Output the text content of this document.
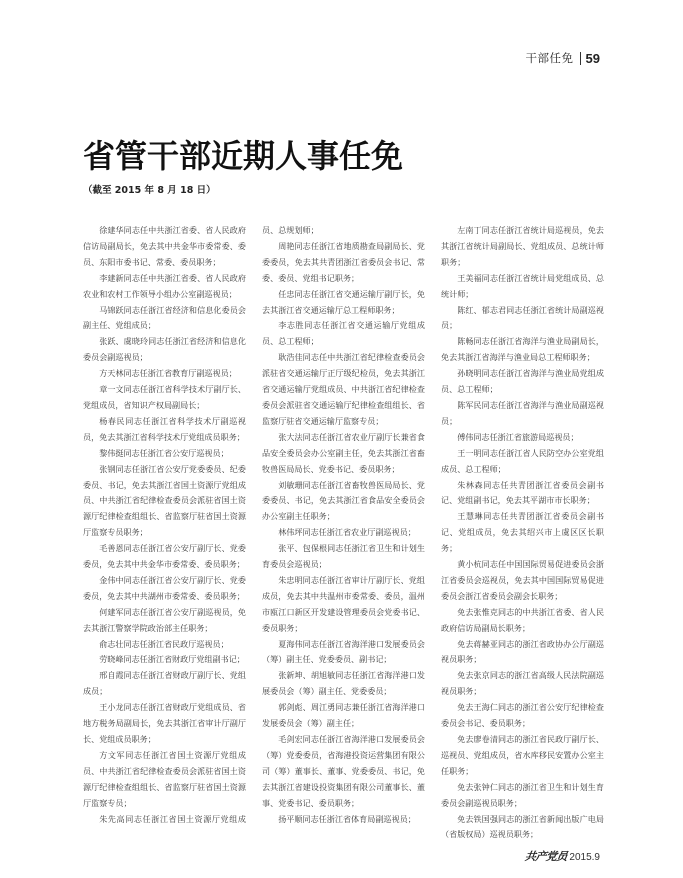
干部任免 59
省管干部近期人事任免
（截至 2015 年 8 月 18 日）

徐建华同志任中共浙江省委、省人民政府信访局副局长，免去其中共金华市委常委、委员、东阳市委书记、常委、委员职务；

李建新同志任中共浙江省委、省人民政府农业和农村工作领导小组办公室副巡视员；

马锦跃同志任浙江省经济和信息化委员会副主任、党组成员；

张跃、虞晓玲同志任浙江省经济和信息化委员会副巡视员；

方天林同志任浙江省教育厅副巡视员；

章一文同志任浙江省科学技术厅副厅长、党组成员，省知识产权局副局长；

杨春民同志任浙江省科学技术厅副巡视员，免去其浙江省科学技术厅党组成员职务；

黎伟挺同志任浙江省公安厅巡视员；

张钢同志任浙江省公安厅党委委员、纪委委员、书记，免去其浙江省国土资源厅党组成员、中共浙江省纪律检查委员会派驻省国土资源厅纪律检查组组长、省监察厅驻省国土资源厅监察专员职务；

毛善恩同志任浙江省公安厅副厅长、党委委员，免去其中共金华市委常委、委员职务；

金伟中同志任浙江省公安厅副厅长、党委委员，免去其中共湖州市委常委、委员职务；

何建军同志任浙江省公安厅副巡视员，免去其浙江警察学院政治部主任职务；

俞志壮同志任浙江省民政厅巡视员；

劳晓峰同志任浙江省财政厅党组副书记；

邢自霞同志任浙江省财政厅副厅长、党组成员；

王小龙同志任浙江省财政厅党组成员、省地方税务局副局长，免去其浙江省审计厅副厅长、党组成员职务；

方文军同志任浙江省国土资源厅党组成员、中共浙江省纪律检查委员会派驻省国土资源厅纪律检查组组长、省监察厅驻省国土资源厅监察专员；

朱先高同志任浙江省国土资源厅党组成

员、总规划师；

周艳同志任浙江省地质勘查局副局长、党委委员，免去其共青团浙江省委员会书记、常委、委员、党组书记职务；

任忠同志任浙江省交通运输厅副厅长，免去其浙江省交通运输厅总工程师职务；

李志胜同志任浙江省交通运输厅党组成员、总工程师；

耿浩佳同志任中共浙江省纪律检查委员会派驻省交通运输厅正厅级纪检员，免去其浙江省交通运输厅党组成员、中共浙江省纪律检查委员会派驻省交通运输厅纪律检查组组长、省监察厅驻省交通运输厅监察专员；

张大法同志任浙江省农业厅副厅长兼省食品安全委员会办公室副主任，免去其浙江省畜牧兽医局局长、党委书记、委员职务；

刘敏珊同志任浙江省畜牧兽医局局长、党委委员、书记，免去其浙江省食品安全委员会办公室副主任职务；

林伟坪同志任浙江省农业厅副巡视员；

张平、包保根同志任浙江省卫生和计划生育委员会巡视员；

朱忠明同志任浙江省审计厅副厅长、党组成员，免去其中共温州市委常委、委员，温州市瓯江口新区开发建设管理委员会党委书记、委员职务；

夏海伟同志任浙江省海洋港口发展委员会（筹）副主任、党委委员、副书记；

张新坤、胡旭敏同志任浙江省海洋港口发展委员会（筹）副主任、党委委员；

郭剑彪、周江勇同志兼任浙江省海洋港口发展委员会（筹）副主任；

毛剑宏同志任浙江省海洋港口发展委员会（筹）党委委员，省海港投资运营集团有限公司（筹）董事长、董事、党委委员、书记，免去其浙江省建设投资集团有限公司董事长、董事、党委书记、委员职务；

扬平顺同志任浙江省体育局副巡视员；

左南丁同志任浙江省统计局巡视员，免去其浙江省统计局副局长、党组成员、总统计师职务；

王美福同志任浙江省统计局党组成员、总统计师；

陈红、郁志君同志任浙江省统计局副巡视员；

陈畅同志任浙江省海洋与渔业局副局长，免去其浙江省海洋与渔业局总工程师职务；

孙晓明同志任浙江省海洋与渔业局党组成员、总工程师；

陈军民同志任浙江省海洋与渔业局副巡视员；

傅伟同志任浙江省旅游局巡视员；

王一明同志任浙江省人民防空办公室党组成员、总工程师；

朱林森同志任共青团浙江省委员会副书记、党组副书记，免去其平湖市市长职务；

王慧琳同志任共青团浙江省委员会副书记、党组成员，免去其绍兴市上虞区区长职务；

黄小杭同志任中国国际贸易促进委员会浙江省委员会巡视员，免去其中国国际贸易促进委员会浙江省委员会副会长职务；

免去张惟克同志的中共浙江省委、省人民政府信访局副局长职务；

免去蒋赫亚同志的浙江省政协办公厅副巡视员职务；

免去张京同志的浙江省高级人民法院副巡视员职务；

免去王海仁同志的浙江省公安厅纪律检查委员会书记、委员职务；

免去廖卷清同志的浙江省民政厅副厅长、巡视员、党组成员，省水库移民安置办公室主任职务；

免去张钟仁同志的浙江省卫生和计划生育委员会副巡视员职务；

免去铁国强同志的浙江省新闻出版广电局（省版权局）巡视员职务；

共产党员 2015.9
